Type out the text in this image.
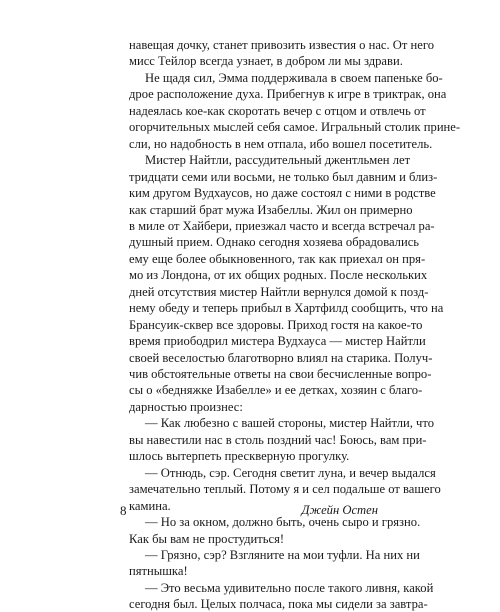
навещая дочку, станет привозить известия о нас. От него
мисс Тейлор всегда узнает, в добром ли мы здрави.
Не щадя сил, Эмма поддерживала в своем папеньке бо-
дрое расположение духа. Прибегнув к игре в триктрак, она
надеялась кое-как скоротать вечер с отцом и отвлечь от
огорчительных мыслей себя самое. Игральный столик прине-
сли, но надобность в нем отпала, ибо вошел посетитель.
Мистер Найтли, рассудительный джентльмен лет
тридцати семи или восьми, не только был давним и близ-
ким другом Вудхаусов, но даже состоял с ними в родстве
как старший брат мужа Изабеллы. Жил он примерно
в миле от Хайбери, приезжал часто и всегда встречал ра-
душный прием. Однако сегодня хозяева обрадовались
ему еще более обыкновенного, так как приехал он пря-
мо из Лондона, от их общих родных. После нескольких
дней отсутствия мистер Найтли вернулся домой к позд-
нему обеду и теперь прибыл в Хартфилд сообщить, что на
Брансуик-сквер все здоровы. Приход гостя на какое-то
время приободрил мистера Вудхауса — мистер Найтли
своей веселостью благотворно влиял на старика. Получ-
чив обстоятельные ответы на свои бесчисленные вопро-
сы о «бедняжке Изабелле» и ее детках, хозяин с благо-
дарностью произнес:
— Как любезно с вашей стороны, мистер Найтли, что
вы навестили нас в столь поздний час! Боюсь, вам при-
шлось вытерпеть прескверную прогулку.
— Отнюдь, сэр. Сегодня светит луна, и вечер выдался
замечательно теплый. Потому я и сел подальше от вашего
камина.
— Но за окном, должно быть, очень сыро и грязно.
Как бы вам не простудиться!
— Грязно, сэр? Взгляните на мои туфли. На них ни
пятнышка!
— Это весьма удивительно после такого ливня, какой
сегодня был. Целых полчаса, пока мы сидели за завтра-
8	Джейн Остен
